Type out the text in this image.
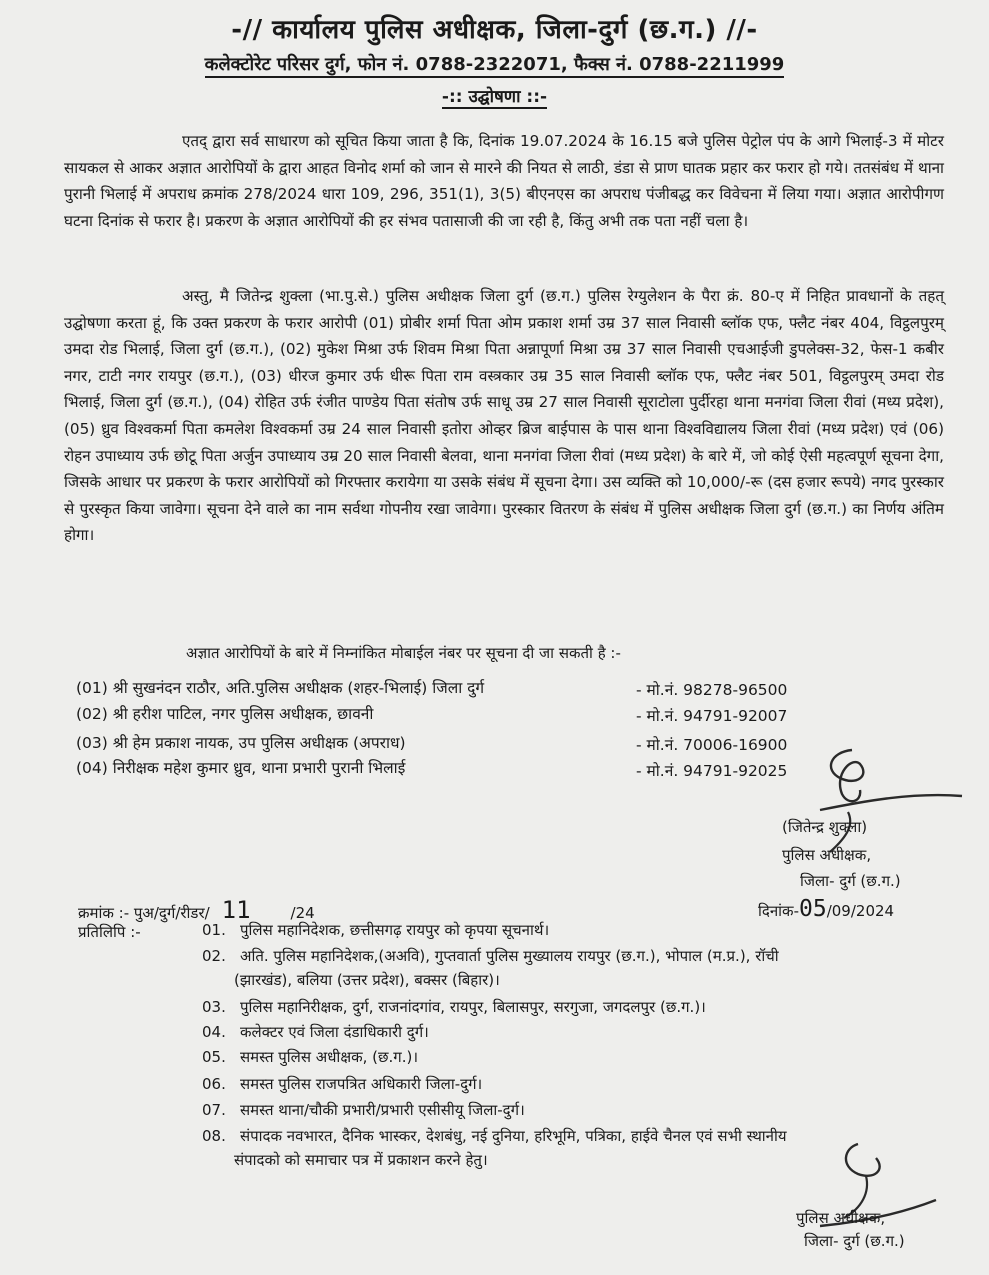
-// कार्यालय पुलिस अधीक्षक, जिला-दुर्ग (छ.ग.) //-
कलेक्टोरेट परिसर दुर्ग, फोन नं. 0788-2322071, फैक्स नं. 0788-2211999
-:: उद्घोषणा ::-
एतद् द्वारा सर्व साधारण को सूचित किया जाता है कि, दिनांक 19.07.2024 के 16.15 बजे पुलिस पेट्रोल पंप के आगे भिलाई-3 में मोटर सायकल से आकर अज्ञात आरोपियों के द्वारा आहत विनोद शर्मा को जान से मारने की नियत से लाठी, डंडा से प्राण घातक प्रहार कर फरार हो गये। ततसंबंध में थाना पुरानी भिलाई में अपराध क्रमांक 278/2024 धारा 109, 296, 351(1), 3(5) बीएनएस का अपराध पंजीबद्ध कर विवेचना में लिया गया। अज्ञात आरोपीगण घटना दिनांक से फरार है। प्रकरण के अज्ञात आरोपियों की हर संभव पतासाजी की जा रही है, किंतु अभी तक पता नहीं चला है।
अस्तु, मै जितेन्द्र शुक्ला (भा.पु.से.) पुलिस अधीक्षक जिला दुर्ग (छ.ग.) पुलिस रेग्युलेशन के पैरा क्रं. 80-ए में निहित प्रावधानों के तहत् उद्घोषणा करता हूं, कि उक्त प्रकरण के फरार आरोपी (01) प्रोबीर शर्मा पिता ओम प्रकाश शर्मा उम्र 37 साल निवासी ब्लॉक एफ, फ्लैट नंबर 404, विट्ठलपुरम् उमदा रोड भिलाई, जिला दुर्ग (छ.ग.), (02) मुकेश मिश्रा उर्फ शिवम मिश्रा पिता अन्नापूर्णा मिश्रा उम्र 37 साल निवासी एचआईजी डुपलेक्स-32, फेस-1 कबीर नगर, टाटी नगर रायपुर (छ.ग.), (03) धीरज कुमार उर्फ धीरू पिता राम वस्त्रकार उम्र 35 साल निवासी ब्लॉक एफ, फ्लैट नंबर 501, विट्ठलपुरम् उमदा रोड भिलाई, जिला दुर्ग (छ.ग.), (04) रोहित उर्फ रंजीत पाण्डेय पिता संतोष उर्फ साधू उम्र 27 साल निवासी सूराटोला पुर्दीरहा थाना मनगंवा जिला रीवां (मध्य प्रदेश), (05) ध्रुव विश्वकर्मा पिता कमलेश विश्वकर्मा उम्र 24 साल निवासी इतोरा ओव्हर ब्रिज बाईपास के पास थाना विश्वविद्यालय जिला रीवां (मध्य प्रदेश) एवं (06) रोहन उपाध्याय उर्फ छोटू पिता अर्जुन उपाध्याय उम्र 20 साल निवासी बेलवा, थाना मनगंवा जिला रीवां (मध्य प्रदेश) के बारे में, जो कोई ऐसी महत्वपूर्ण सूचना देगा, जिसके आधार पर प्रकरण के फरार आरोपियों को गिरफ्तार करायेगा या उसके संबंध में सूचना देगा। उस व्यक्ति को 10,000/-रू (दस हजार रूपये) नगद पुरस्कार से पुरस्कृत किया जावेगा। सूचना देने वाले का नाम सर्वथा गोपनीय रखा जावेगा। पुरस्कार वितरण के संबंध में पुलिस अधीक्षक जिला दुर्ग (छ.ग.) का निर्णय अंतिम होगा।
अज्ञात आरोपियों के बारे में निम्नांकित मोबाईल नंबर पर सूचना दी जा सकती है :-
(01) श्री सुखनंदन राठौर, अति.पुलिस अधीक्षक (शहर-भिलाई) जिला दुर्ग	- मो.नं. 98278-96500
(02) श्री हरीश पाटिल, नगर पुलिस अधीक्षक, छावनी	- मो.नं. 94791-92007
(03) श्री हेम प्रकाश नायक, उप पुलिस अधीक्षक (अपराध)	- मो.नं. 70006-16900
(04) निरीक्षक महेश कुमार ध्रुव, थाना प्रभारी पुरानी भिलाई	- मो.नं. 94791-92025
(जितेन्द्र शुक्ला)
पुलिस अधीक्षक,
जिला- दुर्ग (छ.ग.)
क्रमांक :- पुअ/दुर्ग/रीडर/ 11	/24	दिनांक-05/09/2024
प्रतिलिपि :-	01. पुलिस महानिदेशक, छत्तीसगढ़ रायपुर को कृपया सूचनार्थ।
02. अति. पुलिस महानिदेशक,(अअवि), गुप्तवार्ता पुलिस मुख्यालय रायपुर (छ.ग.), भोपाल (म.प्र.), रॉची
(झारखंड), बलिया (उत्तर प्रदेश), बक्सर (बिहार)।
03. पुलिस महानिरीक्षक, दुर्ग, राजनांदगांव, रायपुर, बिलासपुर, सरगुजा, जगदलपुर (छ.ग.)।
04. कलेक्टर एवं जिला दंडाधिकारी दुर्ग।
05. समस्त पुलिस अधीक्षक, (छ.ग.)।
06. समस्त पुलिस राजपत्रित अधिकारी जिला-दुर्ग।
07. समस्त थाना/चौकी प्रभारी/प्रभारी एसीसीयू जिला-दुर्ग।
08. संपादक नवभारत, दैनिक भास्कर, देशबंधु, नई दुनिया, हरिभूमि, पत्रिका, हाईवे चैनल एवं सभी स्थानीय
संपादको को समाचार पत्र में प्रकाशन करने हेतु।
पुलिस अधीक्षक,
जिला- दुर्ग (छ.ग.)
